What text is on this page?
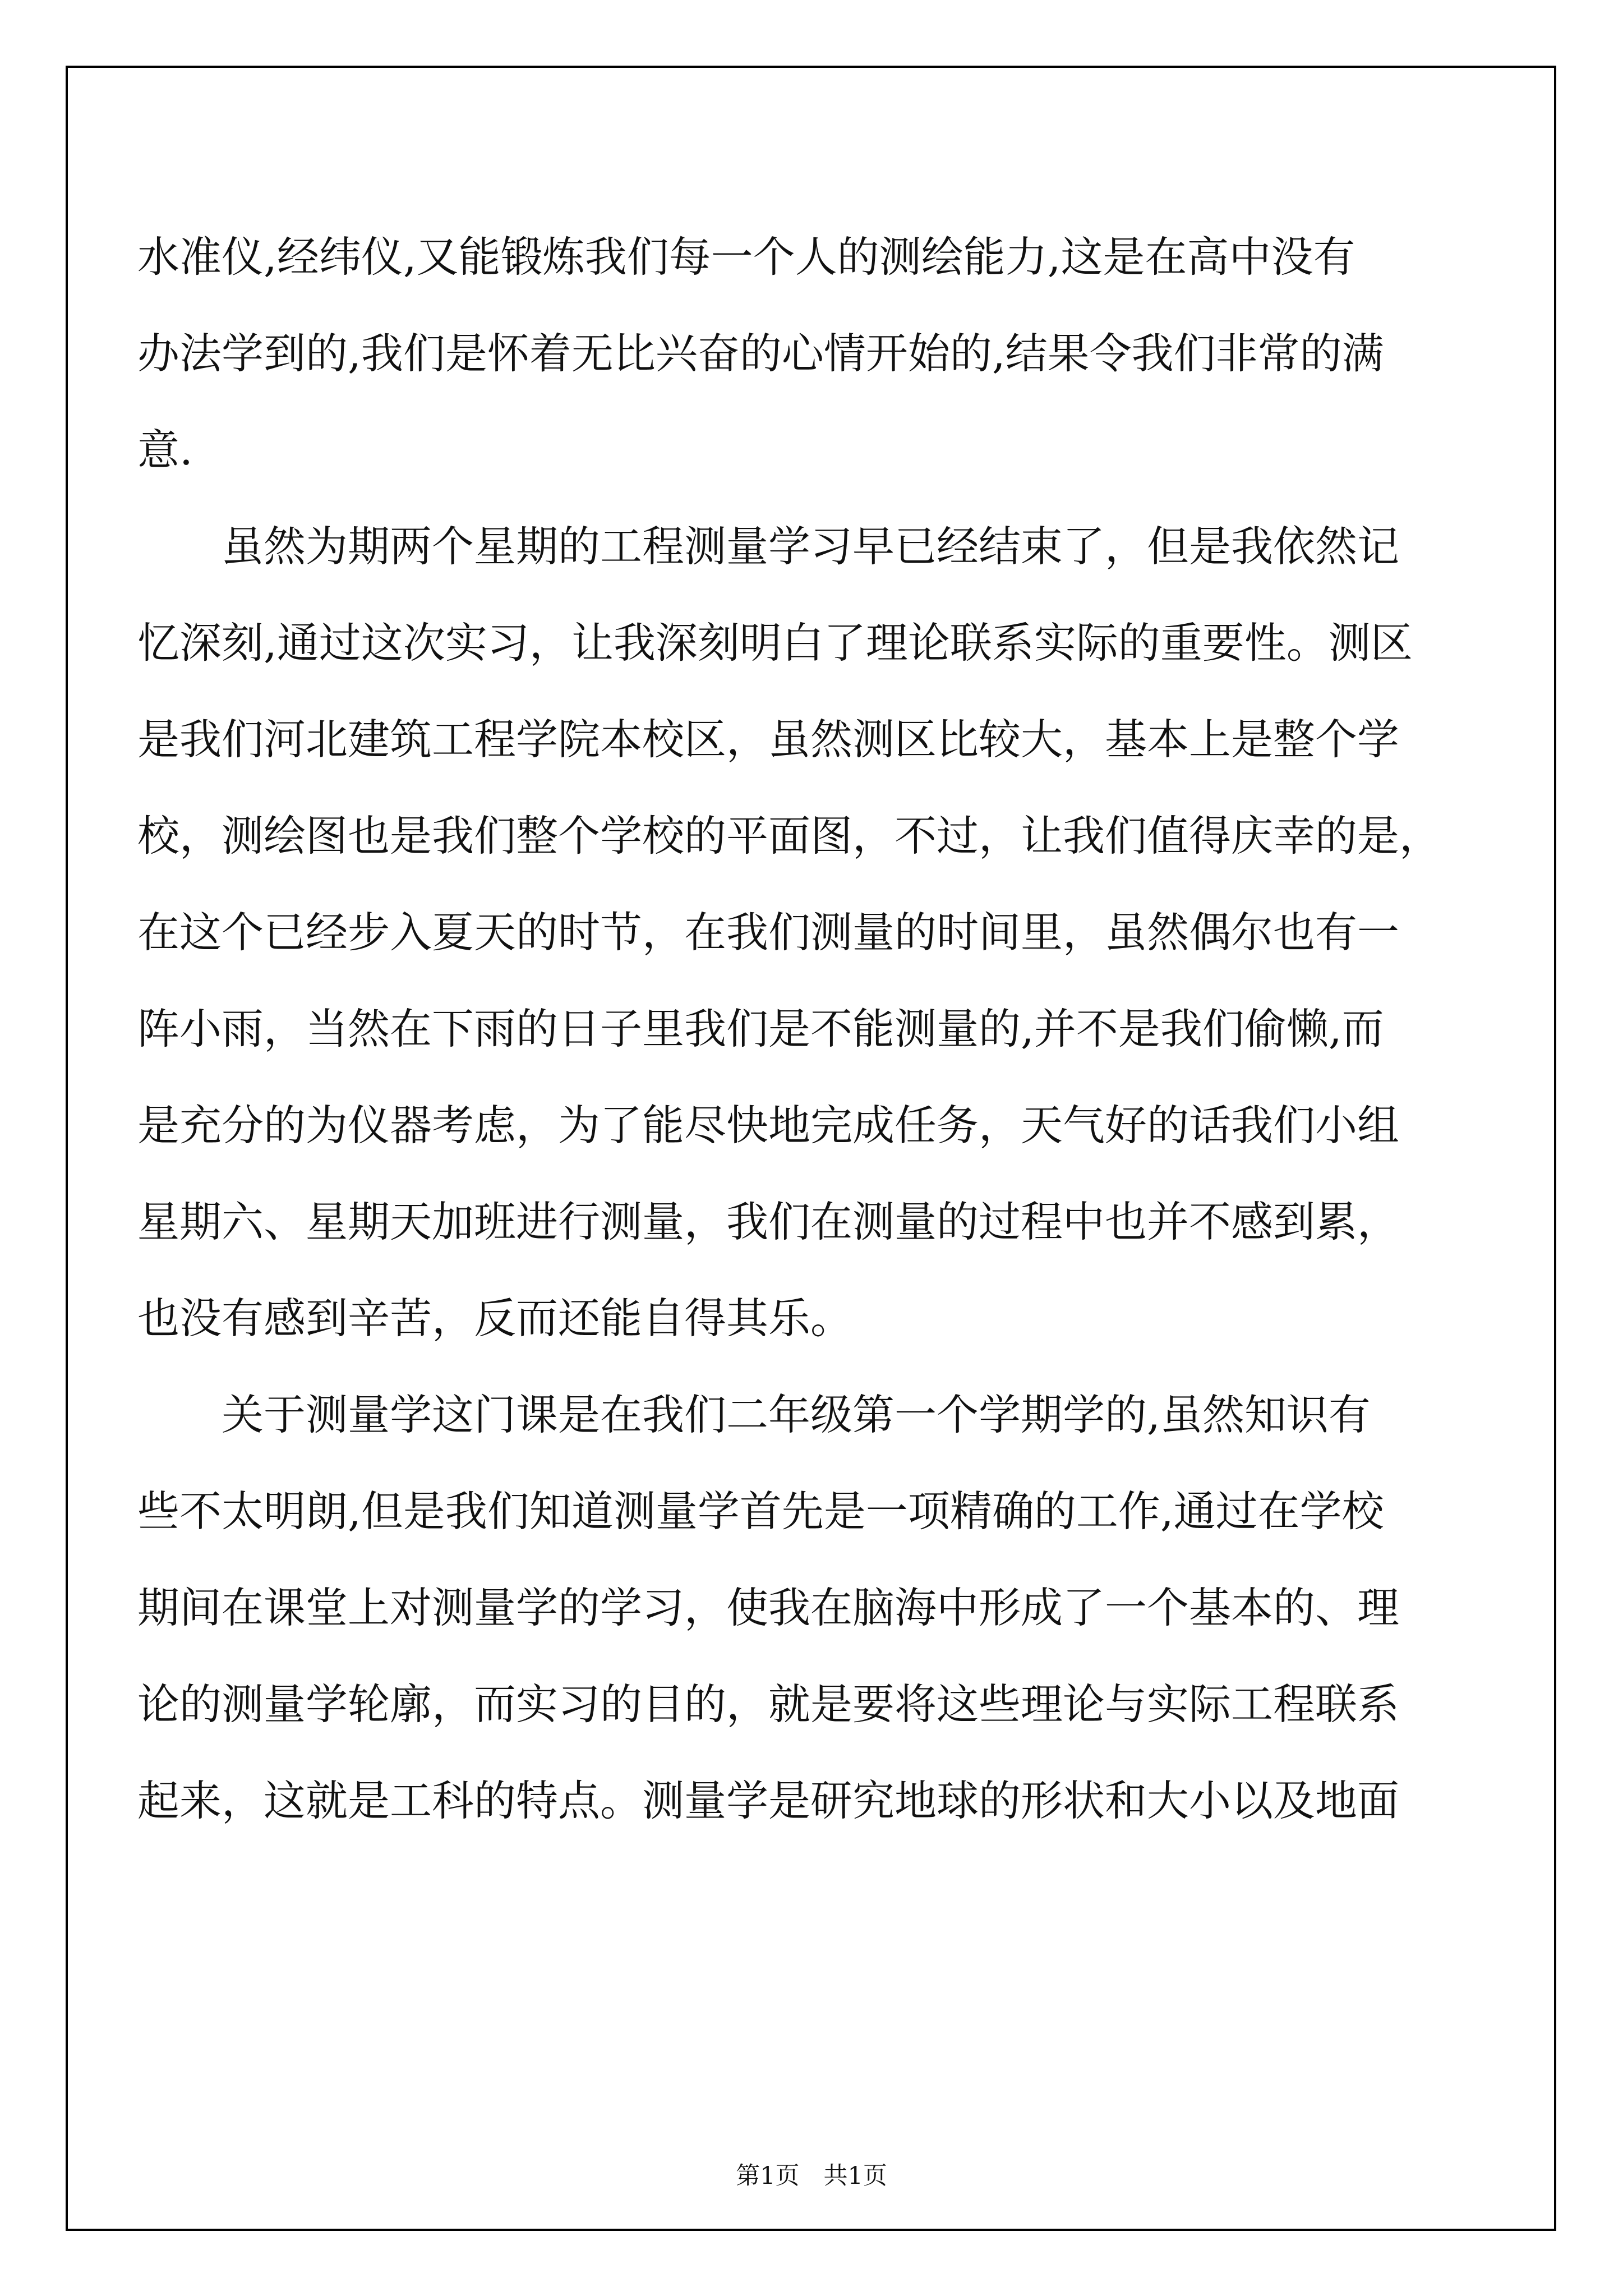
水准仪,经纬仪,又能锻炼我们每一个人的测绘能力,这是在高中没有
办法学到的,我们是怀着无比兴奋的心情开始的,结果令我们非常的满
意.
虽然为期两个星期的工程测量学习早已经结束了，但是我依然记
忆深刻,通过这次实习，让我深刻明白了理论联系实际的重要性。测区
是我们河北建筑工程学院本校区，虽然测区比较大，基本上是整个学
校，测绘图也是我们整个学校的平面图，不过，让我们值得庆幸的是，
在这个已经步入夏天的时节，在我们测量的时间里，虽然偶尔也有一
阵小雨，当然在下雨的日子里我们是不能测量的,并不是我们偷懒,而
是充分的为仪器考虑，为了能尽快地完成任务，天气好的话我们小组
星期六、星期天加班进行测量，我们在测量的过程中也并不感到累，
也没有感到辛苦，反而还能自得其乐。
关于测量学这门课是在我们二年级第一个学期学的,虽然知识有
些不太明朗,但是我们知道测量学首先是一项精确的工作,通过在学校
期间在课堂上对测量学的学习，使我在脑海中形成了一个基本的、理
论的测量学轮廓，而实习的目的，就是要将这些理论与实际工程联系
起来，这就是工科的特点。测量学是研究地球的形状和大小以及地面
第1页　共1页
